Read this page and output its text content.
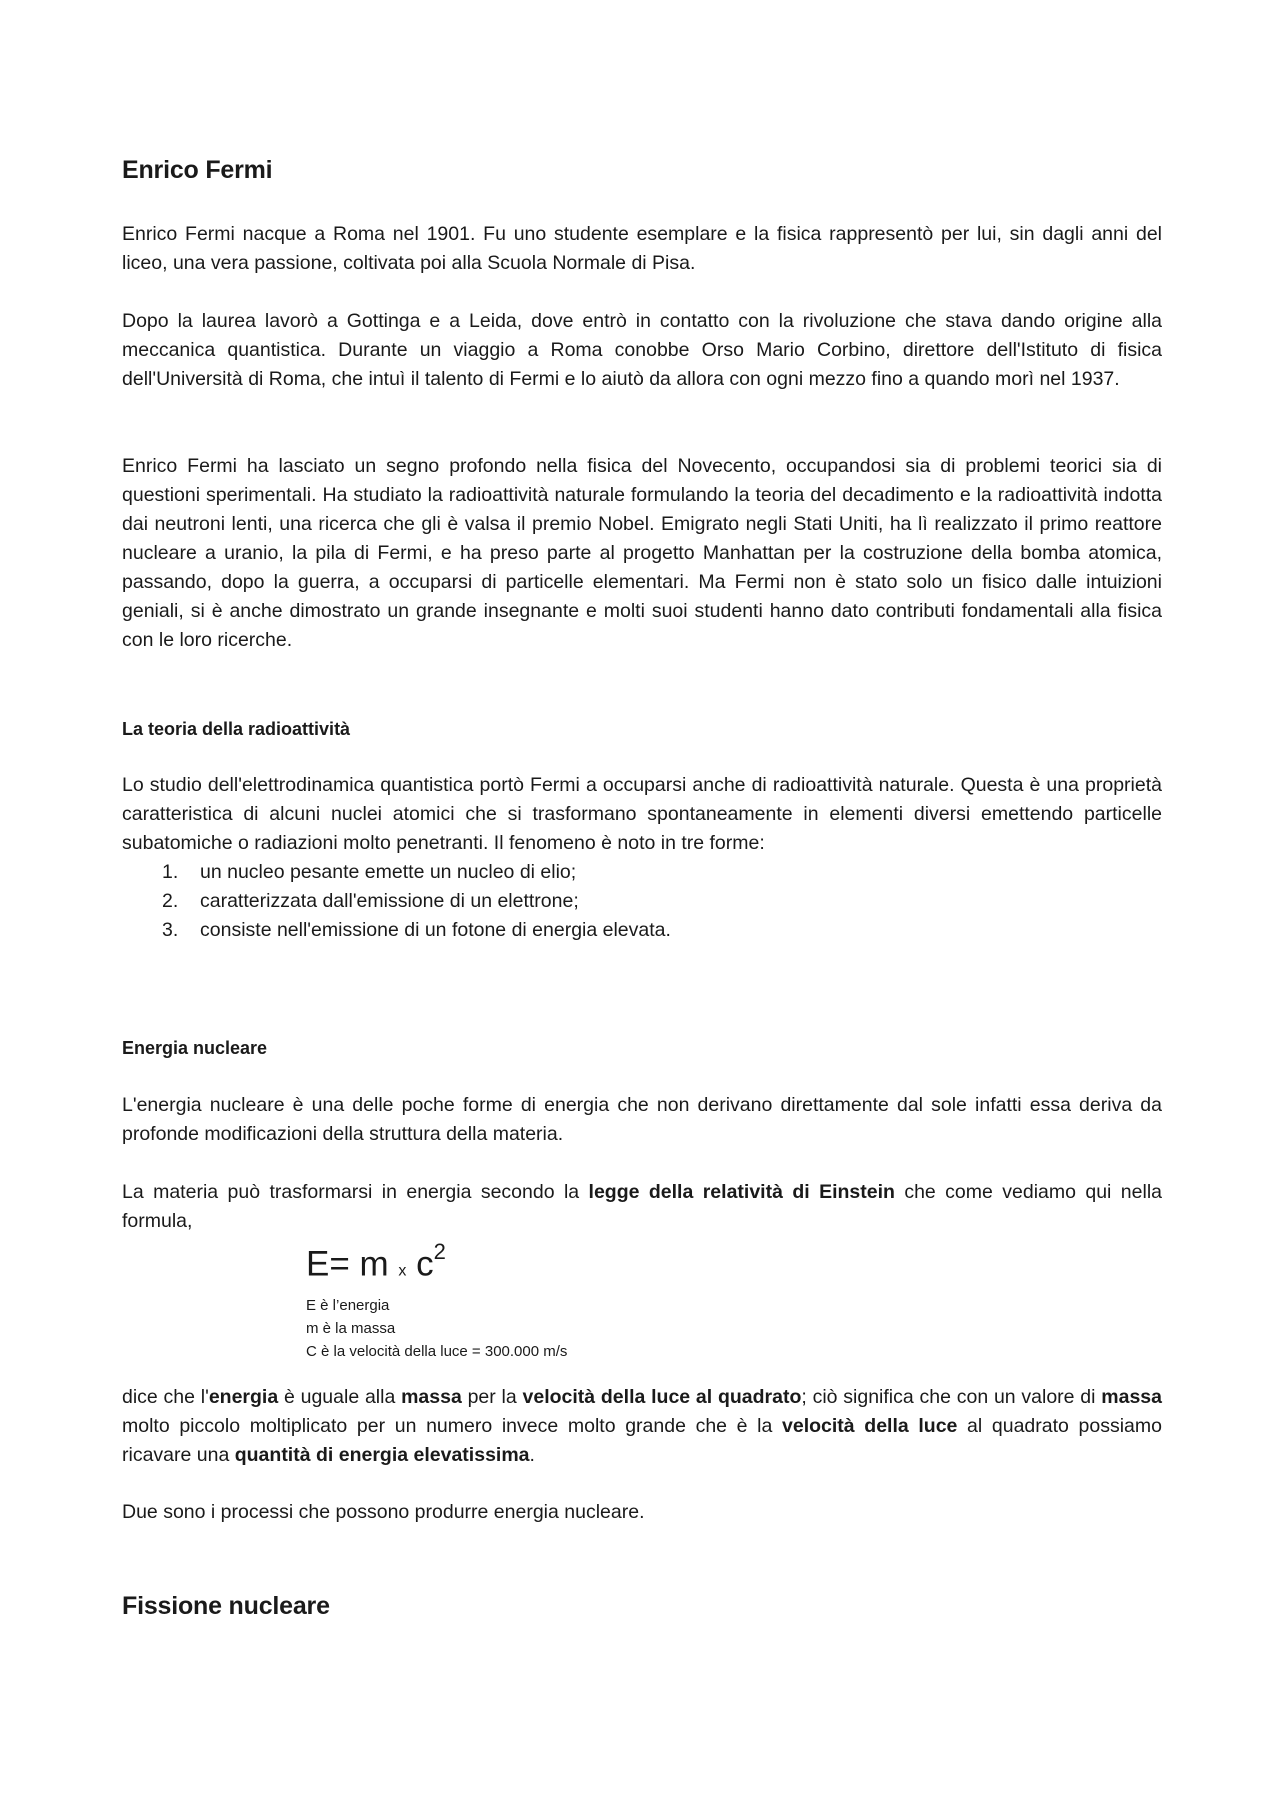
Enrico Fermi
Enrico Fermi nacque a Roma nel 1901. Fu uno studente esemplare e la fisica rappresentò per lui, sin dagli anni del liceo, una vera passione, coltivata poi alla Scuola Normale di Pisa.
Dopo la laurea lavorò a Gottinga e a Leida, dove entrò in contatto con la rivoluzione che stava dando origine alla meccanica quantistica. Durante un viaggio a Roma conobbe Orso Mario Corbino, direttore dell'Istituto di fisica dell'Università di Roma, che intuì il talento di Fermi e lo aiutò da allora con ogni mezzo fino a quando morì nel 1937.
Enrico Fermi ha lasciato un segno profondo nella fisica del Novecento, occupandosi sia di problemi teorici sia di questioni sperimentali. Ha studiato la radioattività naturale formulando la teoria del decadimento e la radioattività indotta dai neutroni lenti, una ricerca che gli è valsa il premio Nobel. Emigrato negli Stati Uniti, ha lì realizzato il primo reattore nucleare a uranio, la pila di Fermi, e ha preso parte al progetto Manhattan per la costruzione della bomba atomica, passando, dopo la guerra, a occuparsi di particelle elementari. Ma Fermi non è stato solo un fisico dalle intuizioni geniali, si è anche dimostrato un grande insegnante e molti suoi studenti hanno dato contributi fondamentali alla fisica con le loro ricerche.
La teoria della radioattività
Lo studio dell'elettrodinamica quantistica portò Fermi a occuparsi anche di radioattività naturale. Questa è una proprietà caratteristica di alcuni nuclei atomici che si trasformano spontaneamente in elementi diversi emettendo particelle subatomiche o radiazioni molto penetranti. Il fenomeno è noto in tre forme:
1. un nucleo pesante emette un nucleo di elio;
2. caratterizzata dall'emissione di un elettrone;
3. consiste nell'emissione di un fotone di energia elevata.
Energia nucleare
L'energia nucleare è una delle poche forme di energia che non derivano direttamente dal sole infatti essa deriva da profonde modificazioni della struttura della materia.
La materia può trasformarsi in energia secondo la legge della relatività di Einstein che come vediamo qui nella formula,
E= m x $c^2$
E è l’energia
m è la massa
C è la velocità della luce = 300.000 m/s
dice che l'energia è uguale alla massa per la velocità della luce al quadrato; ciò significa che con un valore di massa molto piccolo moltiplicato per un numero invece molto grande che è la velocità della luce al quadrato possiamo ricavare una quantità di energia elevatissima.
Due sono i processi che possono produrre energia nucleare.
Fissione nucleare
